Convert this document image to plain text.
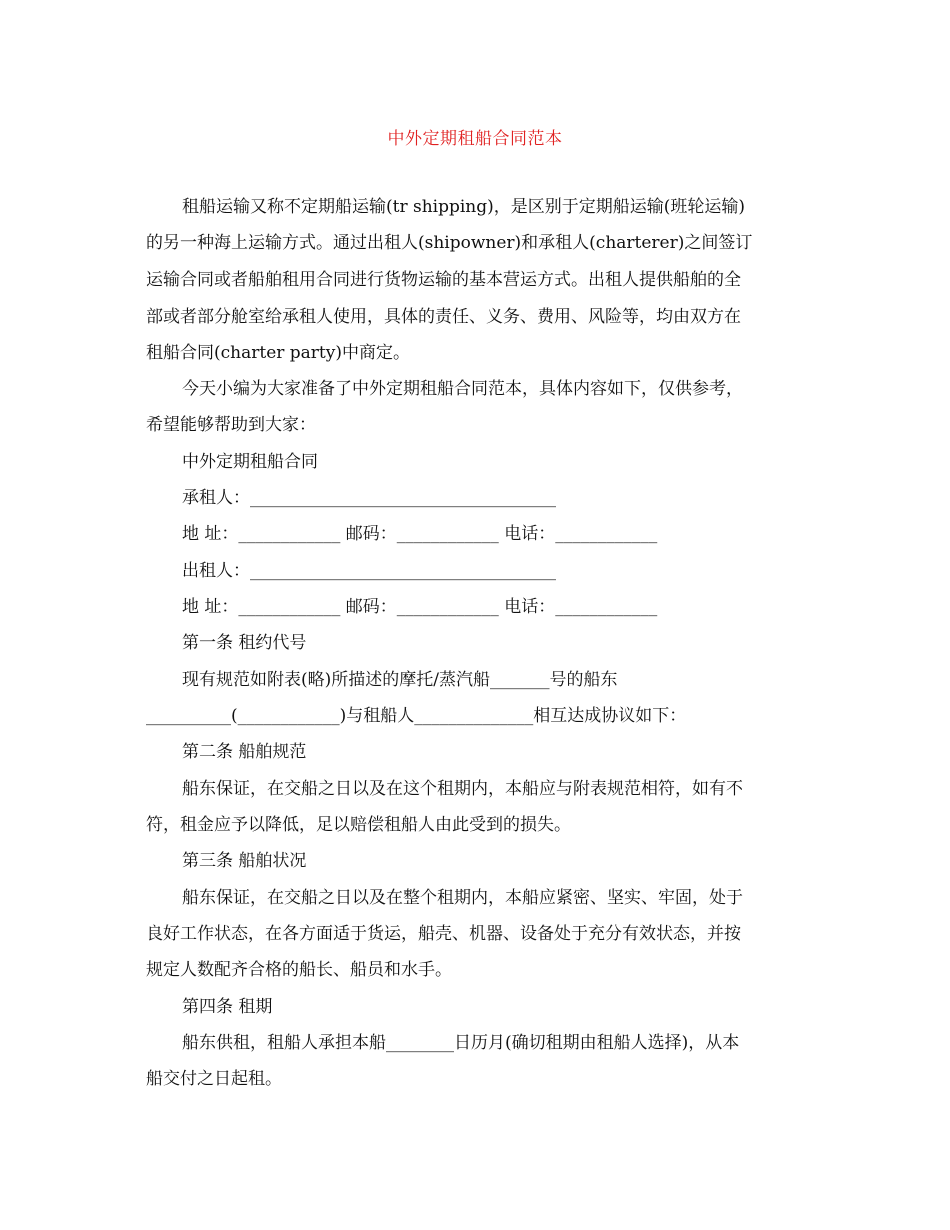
中外定期租船合同范本
租船运输又称不定期船运输(tr shipping)，是区别于定期船运输(班轮运输)
的另一种海上运输方式。通过出租人(shipowner)和承租人(charterer)之间签订
运输合同或者船舶租用合同进行货物运输的基本营运方式。出租人提供船舶的全
部或者部分舱室给承租人使用，具体的责任、义务、费用、风险等，均由双方在
租船合同(charter party)中商定。
今天小编为大家准备了中外定期租船合同范本，具体内容如下，仅供参考，
希望能够帮助到大家：
中外定期租船合同
承租人：____________________________________
地 址：____________ 邮码：____________ 电话：____________
出租人：____________________________________
地 址：____________ 邮码：____________ 电话：____________
第一条 租约代号
现有规范如附表(略)所描述的摩托/蒸汽船_______号的船东
__________(____________)与租船人______________相互达成协议如下：
第二条 船舶规范
船东保证，在交船之日以及在这个租期内，本船应与附表规范相符，如有不
符，租金应予以降低，足以赔偿租船人由此受到的损失。
第三条 船舶状况
船东保证，在交船之日以及在整个租期内，本船应紧密、坚实、牢固，处于
良好工作状态，在各方面适于货运，船壳、机器、设备处于充分有效状态，并按
规定人数配齐合格的船长、船员和水手。
第四条 租期
船东供租，租船人承担本船________日历月(确切租期由租船人选择)，从本
船交付之日起租。
